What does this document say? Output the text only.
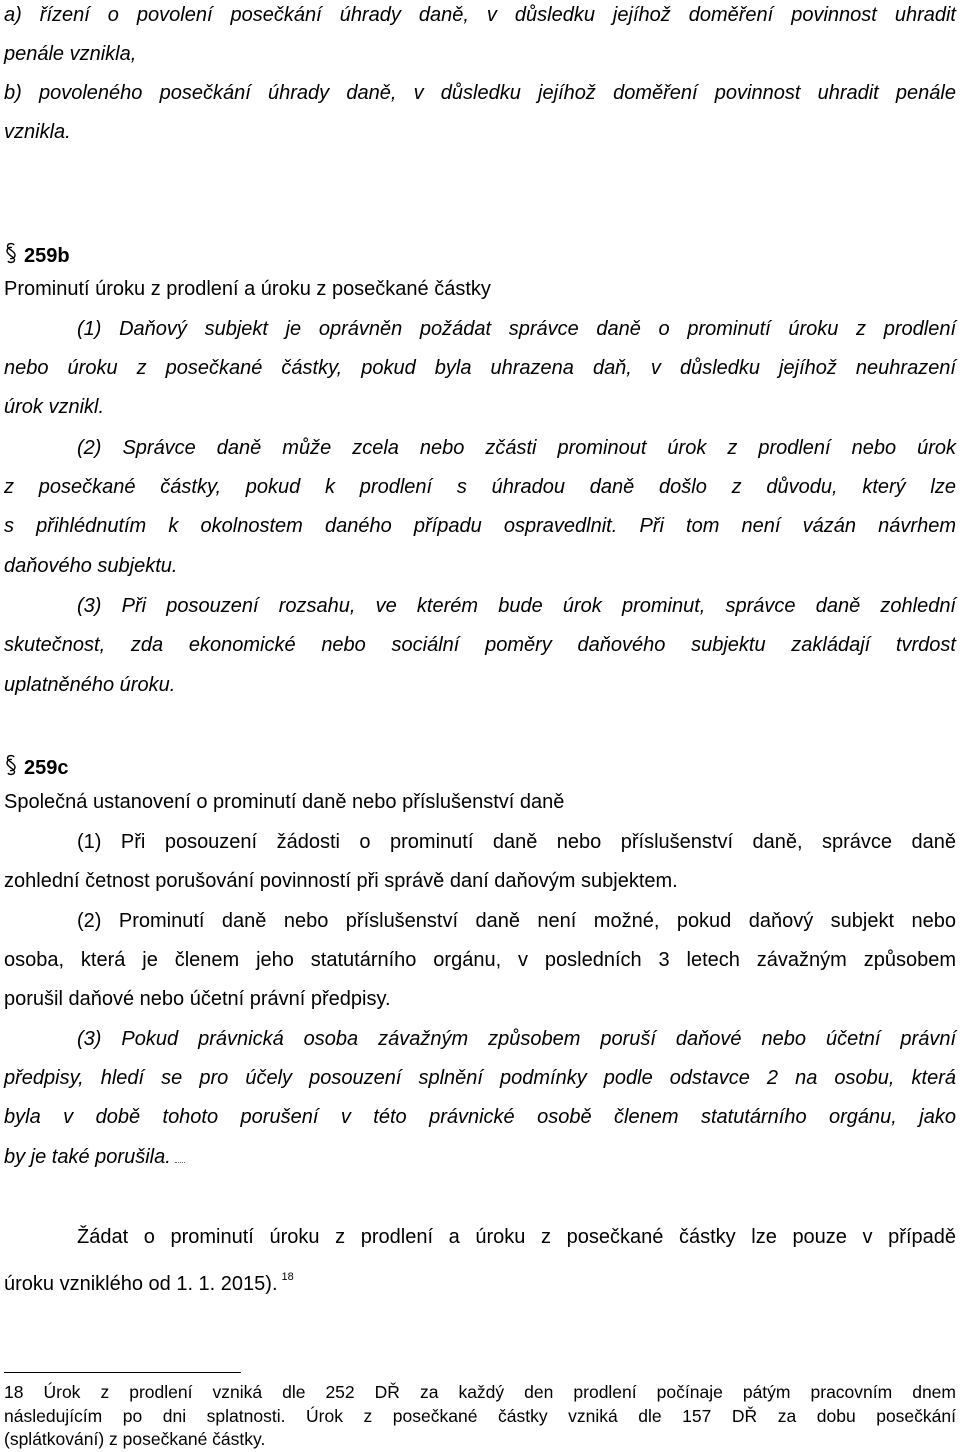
a) řízení o povolení posečkání úhrady daně, v důsledku jejíhož doměření povinnost uhradit
penále vznikla,
b) povoleného posečkání úhrady daně, v důsledku jejíhož doměření povinnost uhradit penále
vznikla.
259b
Prominutí úroku z prodlení a úroku z posečkané částky
(1) Daňový subjekt je oprávněn požádat správce daně o prominutí úroku z prodlení
nebo úroku z posečkané částky, pokud byla uhrazena daň, v důsledku jejíhož neuhrazení
úrok vznikl.
(2) Správce daně může zcela nebo zčásti prominout úrok z prodlení nebo úrok
z posečkané částky, pokud k prodlení s úhradou daně došlo z důvodu, který lze
s přihlédnutím k okolnostem daného případu ospravedlnit. Při tom není vázán návrhem
daňového subjektu.
(3) Při posouzení rozsahu, ve kterém bude úrok prominut, správce daně zohlední
skutečnost, zda ekonomické nebo sociální poměry daňového subjektu zakládají tvrdost
uplatněného úroku.
259c
Společná ustanovení o prominutí daně nebo příslušenství daně
(1) Při posouzení žádosti o prominutí daně nebo příslušenství daně, správce daně
zohlední četnost porušování povinností při správě daní daňovým subjektem.
(2) Prominutí daně nebo příslušenství daně není možné, pokud daňový subjekt nebo
osoba, která je členem jeho statutárního orgánu, v posledních 3 letech závažným způsobem
porušil daňové nebo účetní právní předpisy.
(3) Pokud právnická osoba závažným způsobem poruší daňové nebo účetní právní
předpisy, hledí se pro účely posouzení splnění podmínky podle odstavce 2 na osobu, která
byla v době tohoto porušení v této právnické osobě členem statutárního orgánu, jako
by je také porušila.
Žádat o prominutí úroku z prodlení a úroku z posečkané částky lze pouze v případě
úroku vzniklého od 1. 1. 2015). $^{18}$
18 Úrok z prodlení vzniká dle 252 DŘ za každý den prodlení počínaje pátým pracovním dnem
následujícím po dni splatnosti. Úrok z posečkané částky vzniká dle 157 DŘ za dobu posečkání
(splátkování) z posečkané částky.
